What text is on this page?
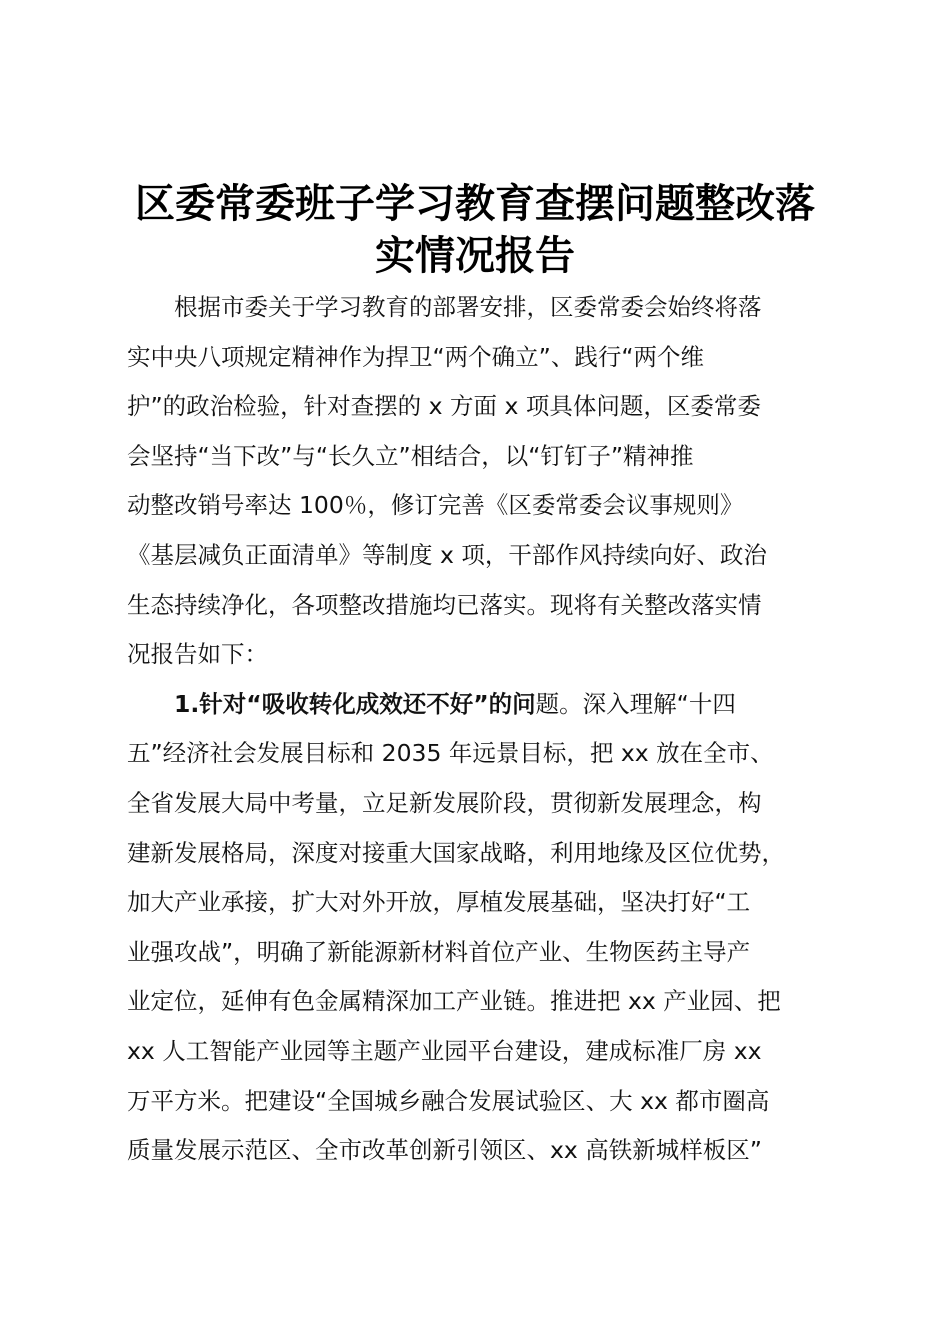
区委常委班子学习教育查摆问题整改落
实情况报告
根据市委关于学习教育的部署安排，区委常委会始终将落
实中央八项规定精神作为捍卫“两个确立”、践行“两个维
护”的政治检验，针对查摆的 x 方面 x 项具体问题，区委常委
会坚持“当下改”与“长久立”相结合，以“钉钉子”精神推
动整改销号率达 100％，修订完善《区委常委会议事规则》
《基层减负正面清单》等制度 x 项，干部作风持续向好、政治
生态持续净化，各项整改措施均已落实。现将有关整改落实情
况报告如下：
1.针对“吸收转化成效还不好”的问题。深入理解“十四
五”经济社会发展目标和 2035 年远景目标，把 xx 放在全市、
全省发展大局中考量，立足新发展阶段，贯彻新发展理念，构
建新发展格局，深度对接重大国家战略，利用地缘及区位优势，
加大产业承接，扩大对外开放，厚植发展基础，坚决打好“工
业强攻战”，明确了新能源新材料首位产业、生物医药主导产
业定位，延伸有色金属精深加工产业链。推进把 xx 产业园、把
xx 人工智能产业园等主题产业园平台建设，建成标准厂房 xx
万平方米。把建设“全国城乡融合发展试验区、大 xx 都市圈高
质量发展示范区、全市改革创新引领区、xx 高铁新城样板区”
